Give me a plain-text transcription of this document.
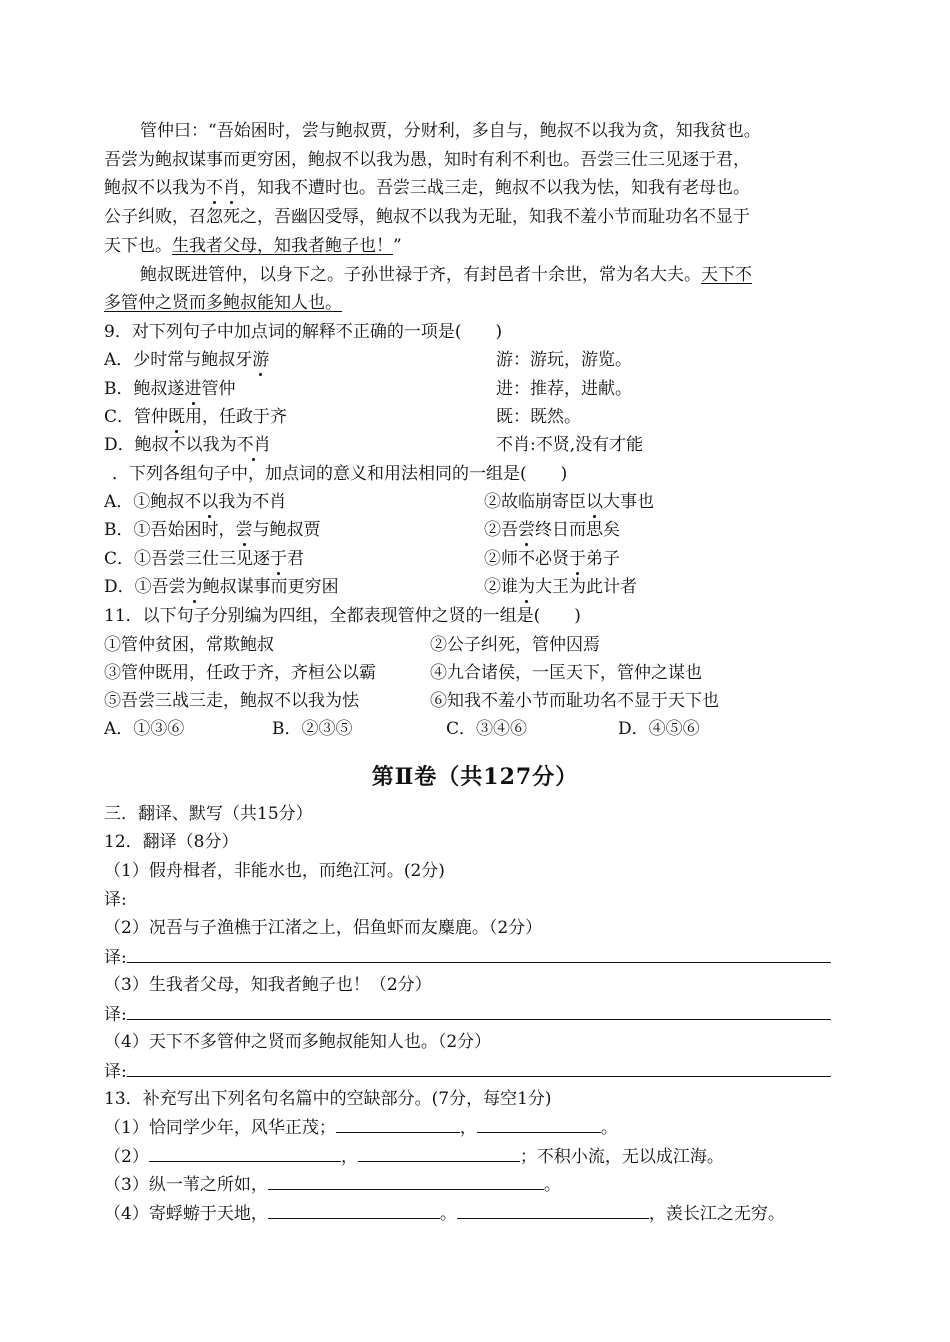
管仲曰：“吾始困时，尝与鲍叔贾，分财利，多自与，鲍叔不以我为贪，知我贫也。
吾尝为鲍叔谋事而更穷困，鲍叔不以我为愚，知时有利不利也。吾尝三仕三见逐于君，
鲍叔不以我为不肖，知我不遭时也。吾尝三战三走，鲍叔不以我为怯，知我有老母也。
公子纠败，召忽死之，吾幽囚受辱，鲍叔不以我为无耻，知我不羞小节而耻功名不显于
天下也。生我者父母，知我者鲍子也！”
鲍叔既进管仲，以身下之。子孙世禄于齐，有封邑者十余世，常为名大夫。天下不
多管仲之贤而多鲍叔能知人也。
9．对下列句子中加点词的解释不正确的一项是(　　)
A．少时常与鲍叔牙游	游：游玩，游览。
B．鲍叔遂进管仲	进：推荐，进献。
C．管仲既用，任政于齐	既：既然。
D．鲍叔不以我为不肖	不肖:不贤,没有才能
．下列各组句子中，加点词的意义和用法相同的一组是(　　)
A．①鲍叔不以我为不肖	②故临崩寄臣以大事也
B．①吾始困时，尝与鲍叔贾	②吾尝终日而思矣
C．①吾尝三仕三见逐于君	②师不必贤于弟子
D．①吾尝为鲍叔谋事而更穷困	②谁为大王为此计者
11．以下句子分别编为四组，全都表现管仲之贤的一组是(　　)
①管仲贫困，常欺鲍叔	②公子纠死，管仲囚焉
③管仲既用，任政于齐，齐桓公以霸	④九合诸侯，一匡天下，管仲之谋也
⑤吾尝三战三走，鲍叔不以我为怯	⑥知我不羞小节而耻功名不显于天下也
A．①③⑥	B．②③⑤	C．③④⑥	D．④⑤⑥
第Ⅱ卷（共127分）
三．翻译、默写（共15分）
12．翻译（8分）
（1）假舟楫者，非能水也，而绝江河。(2分)
译:
（2）况吾与子渔樵于江渚之上，侣鱼虾而友麋鹿。（2分）
译:
（3）生我者父母，知我者鲍子也！（2分）
译:
（4）天下不多管仲之贤而多鲍叔能知人也。（2分）
译:
13．补充写出下列名句名篇中的空缺部分。(7分，每空1分)
（1）恰同学少年，风华正茂；	，	。
（2）	，	；不积小流，无以成江海。
（3）纵一苇之所如，	。
（4）寄蜉蝣于天地，	。	，羡长江之无穷。
